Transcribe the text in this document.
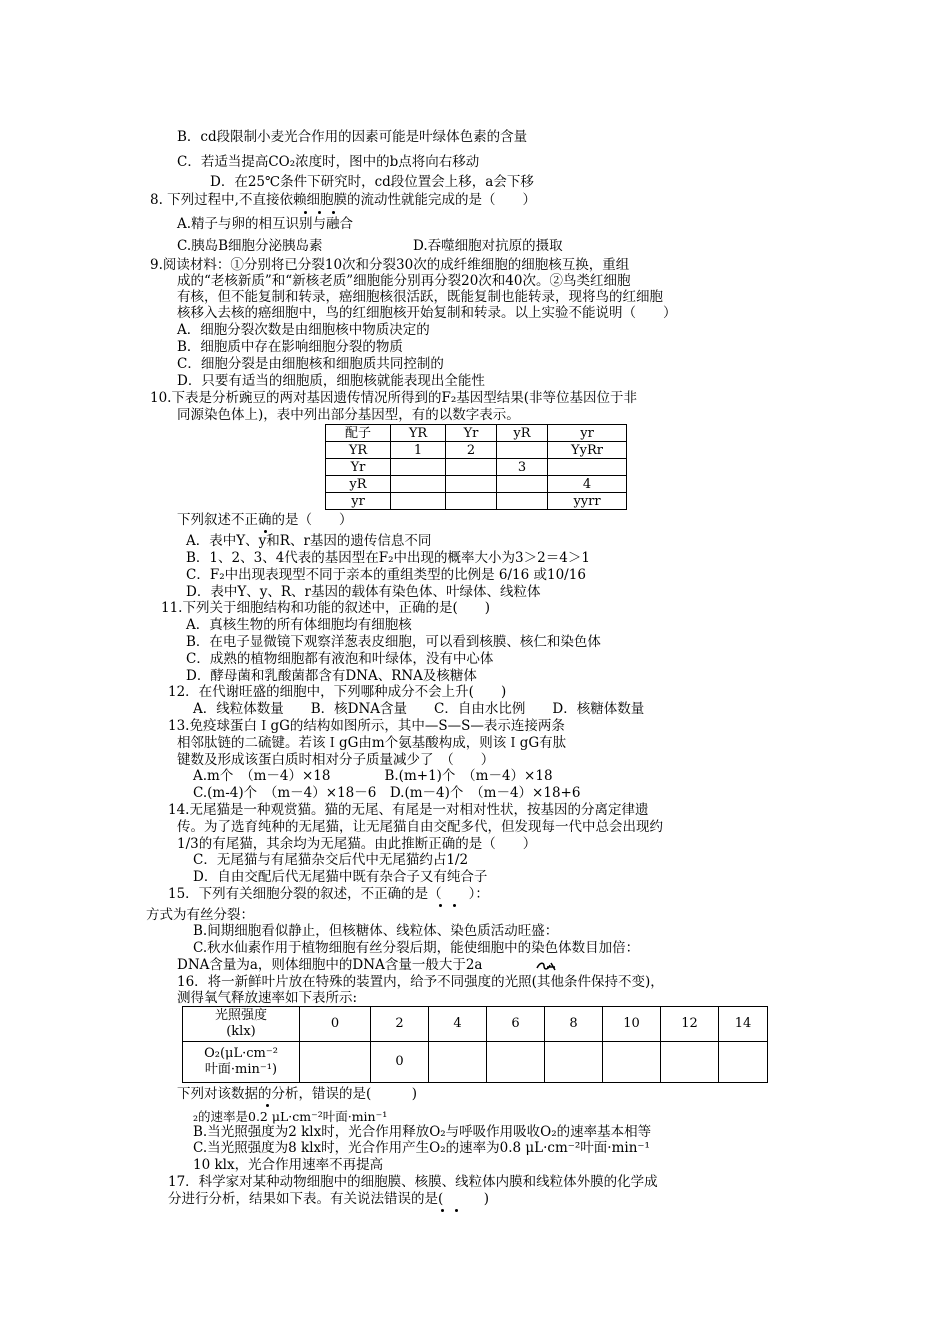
B．cd段限制小麦光合作用的因素可能是叶绿体色素的含量
C．若适当提高CO₂浓度时，图中的b点将向右移动
D．在25℃条件下研究时，cd段位置会上移，a会下移
8. 下列过程中,不直接依赖细胞膜的流动性就能完成的是（　　）
A.精子与卵的相互识别与融合
C.胰岛B细胞分泌胰岛素	D.吞噬细胞对抗原的摄取
9.阅读材料：①分别将已分裂10次和分裂30次的成纤维细胞的细胞核互换，重组
成的“老核新质”和“新核老质”细胞能分别再分裂20次和40次。②鸟类红细胞
有核，但不能复制和转录，癌细胞核很活跃，既能复制也能转录，现将鸟的红细胞
核移入去核的癌细胞中，鸟的红细胞核开始复制和转录。以上实验不能说明（　　）
A．细胞分裂次数是由细胞核中物质决定的
B．细胞质中存在影响细胞分裂的物质
C．细胞分裂是由细胞核和细胞质共同控制的
D．只要有适当的细胞质，细胞核就能表现出全能性
10.下表是分析豌豆的两对基因遗传情况所得到的F₂基因型结果(非等位基因位于非
同源染色体上)，表中列出部分基因型，有的以数字表示。
配子	YR	Yr	yR	yr
YR	1	2		YyRr
Yr			3	
yR				4
yr				yyrr
下列叙述不正确的是（　　）
A．表中Y、y和R、r基因的遗传信息不同
B．1、2、3、4代表的基因型在F₂中出现的概率大小为3＞2＝4＞1
C．F₂中出现表现型不同于亲本的重组类型的比例是 6/16 或10/16
D．表中Y、y、R、r基因的载体有染色体、叶绿体、线粒体
11.下列关于细胞结构和功能的叙述中，正确的是(　　)
A．真核生物的所有体细胞均有细胞核
B．在电子显微镜下观察洋葱表皮细胞，可以看到核膜、核仁和染色体
C．成熟的植物细胞都有液泡和叶绿体，没有中心体
D．酵母菌和乳酸菌都含有DNA、RNA及核糖体
12．在代谢旺盛的细胞中，下列哪种成分不会上升(　　)
A．线粒体数量　　B．核DNA含量　　C．自由水比例　　D．核糖体数量
13.免疫球蛋白ＩgG的结构如图所示，其中—S—S—表示连接两条
相邻肽链的二硫键。若该ＩgG由m个氨基酸构成，则该ＩgG有肽
键数及形成该蛋白质时相对分子质量减少了　（　　）
A.m个　（m－4）×18　　　　B.(m+1)个　（m－4）×18
C.(m-4)个　（m－4）×18－6　D.(m－4)个　（m－4）×18+6
14.无尾猫是一种观赏猫。猫的无尾、有尾是一对相对性状，按基因的分离定律遗
传。为了选育纯种的无尾猫，让无尾猫自由交配多代，但发现每一代中总会出现约
1/3的有尾猫，其余均为无尾猫。由此推断正确的是（　　）
C．无尾猫与有尾猫杂交后代中无尾猫约占1/2
D．自由交配后代无尾猫中既有杂合子又有纯合子
15．下列有关细胞分裂的叙述，不正确的是（　　）：
方式为有丝分裂：
B.间期细胞看似静止，但核糖体、线粒体、染色质活动旺盛：
C.秋水仙素作用于植物细胞有丝分裂后期，能使细胞中的染色体数目加倍：
DNA含量为a，则体细胞中的DNA含量一般大于2a
16．将一新鲜叶片放在特殊的装置内，给予不同强度的光照(其他条件保持不变)，
测得氧气释放速率如下表所示:
光照强度
(klx)	0	2	4	6	8	10	12	14

O₂(μL·cm⁻²
叶面·min⁻¹)		0						
下列对该数据的分析，错误的是(　　　)
₂的速率是0.2 μL·cm⁻²叶面·min⁻¹
B.当光照强度为2 klx时，光合作用释放O₂与呼吸作用吸收O₂的速率基本相等
C.当光照强度为8 klx时，光合作用产生O₂的速率为0.8 μL·cm⁻²叶面·min⁻¹
10 klx，光合作用速率不再提高
17．科学家对某种动物细胞中的细胞膜、核膜、线粒体内膜和线粒体外膜的化学成
分进行分析，结果如下表。有关说法错误的是(　　　)
